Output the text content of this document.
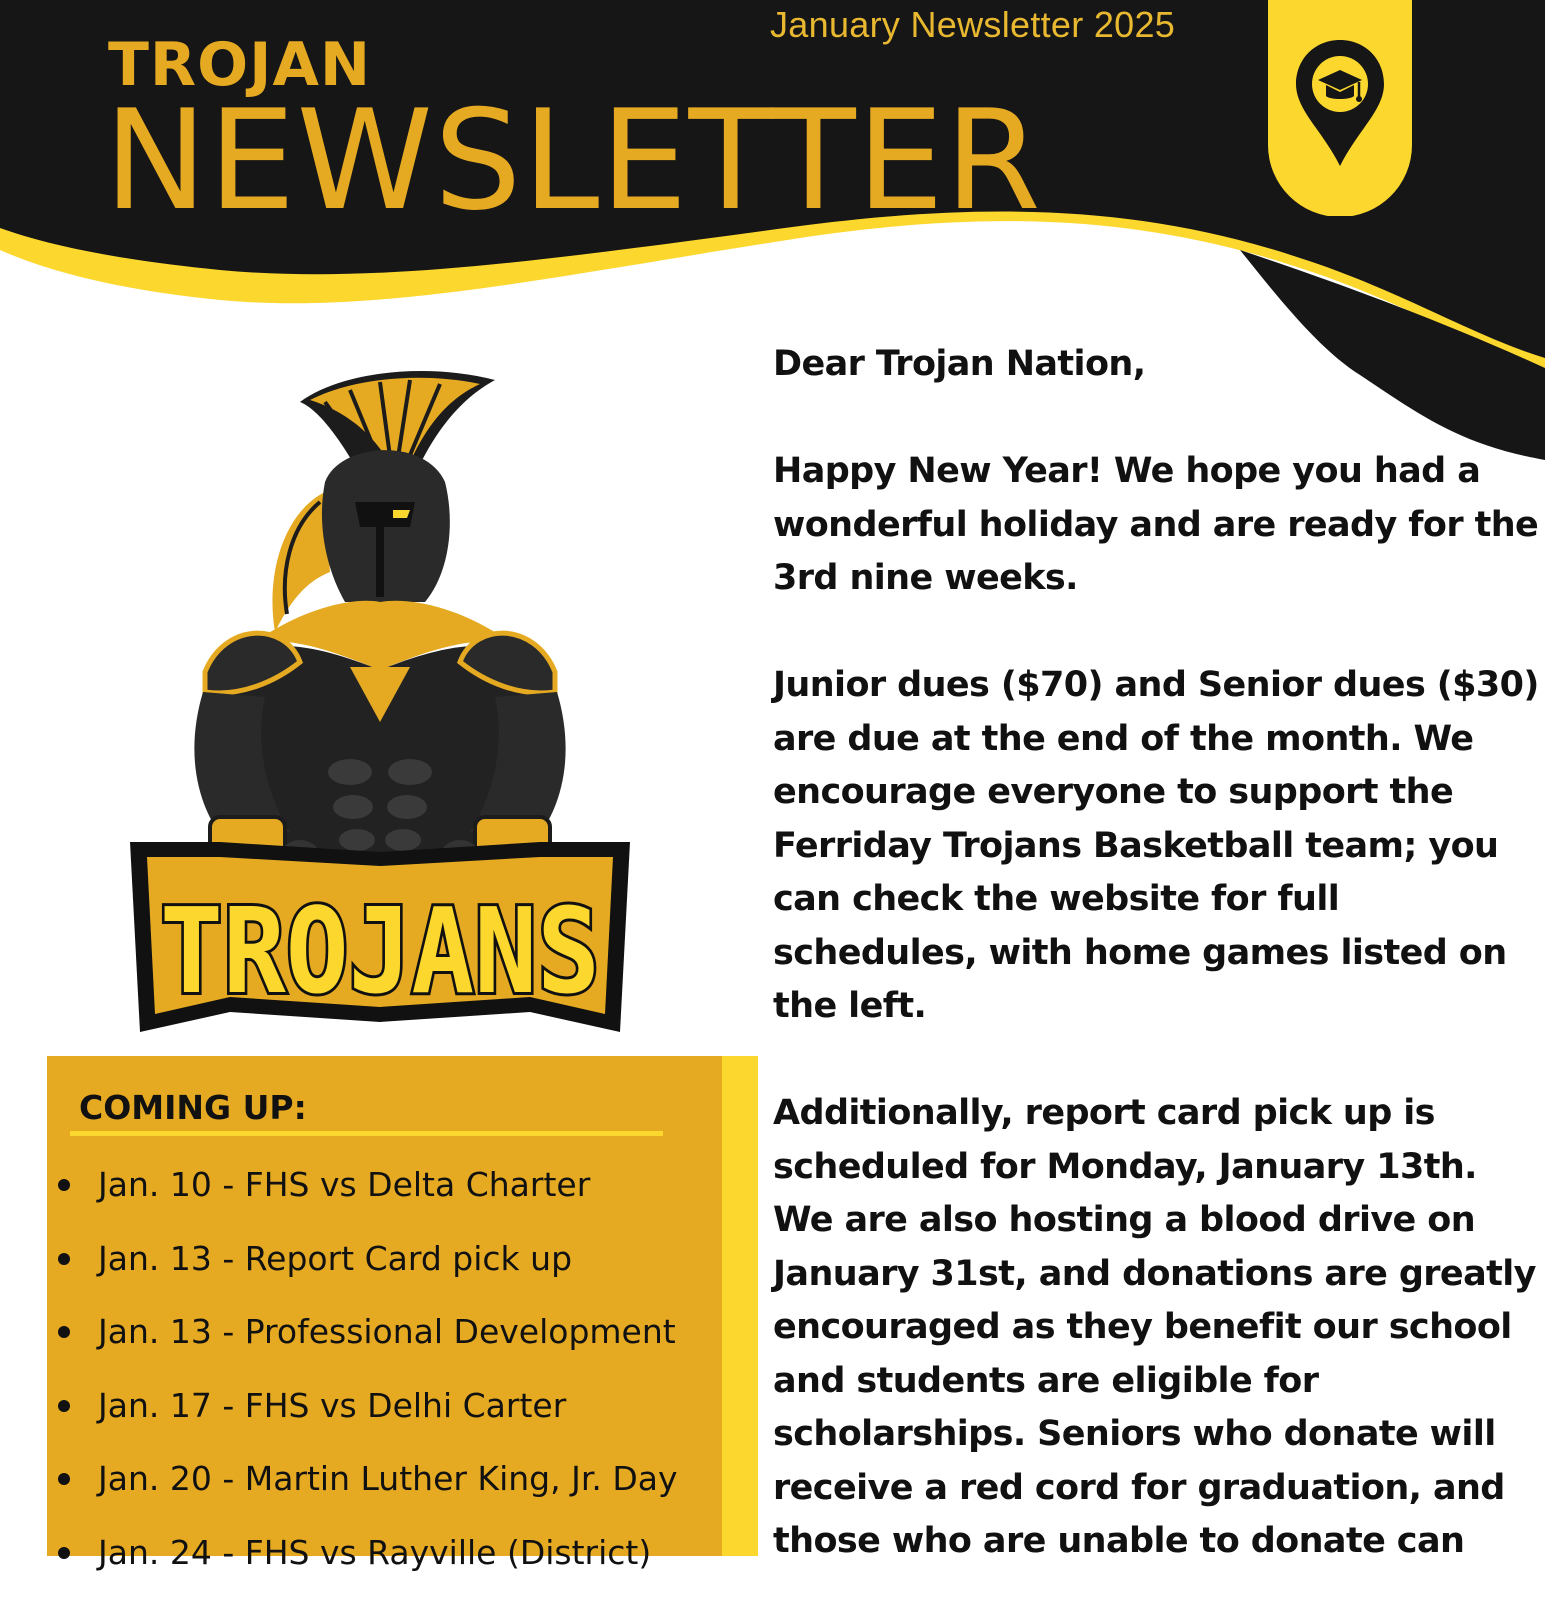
January Newsletter 2025
TROJAN
NEWSLETTER
TROJANS

Dear Trojan Nation,

Happy New Year! We hope you had a wonderful holiday and are ready for the 3rd nine weeks.

Junior dues ($70) and Senior dues ($30) are due at the end of the month. We encourage everyone to support the Ferriday Trojans Basketball team; you can check the website for full schedules, with home games listed on the left.

Additionally, report card pick up is scheduled for Monday, January 13th. We are also hosting a blood drive on January 31st, and donations are greatly encouraged as they benefit our school and students are eligible for scholarships. Seniors who donate will receive a red cord for graduation, and those who are unable to donate can

COMING UP:
Jan. 10 - FHS vs Delta Charter
Jan. 13 - Report Card pick up
Jan. 13 - Professional Development
Jan. 17 - FHS vs Delhi Carter
Jan. 20 - Martin Luther King, Jr. Day
Jan. 24 - FHS vs Rayville (District)
